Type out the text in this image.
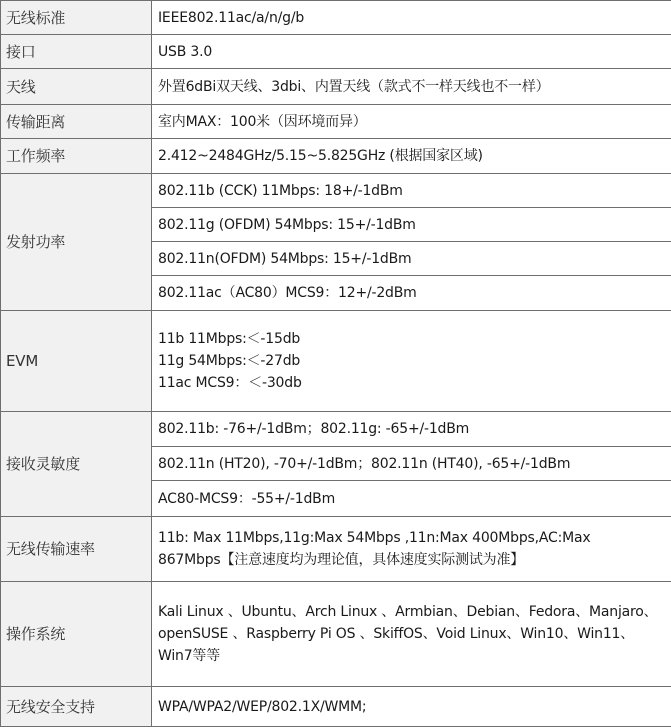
无线标准	IEEE802.11ac/a/n/g/b
接口	USB 3.0
天线	外置6dBi双天线、3dbi、内置天线（款式不一样天线也不一样）
传输距离	室内MAX：100米（因环境而异）
工作频率	2.412~2484GHz/5.15~5.825GHz (根据国家区域)
发射功率	802.11b (CCK) 11Mbps: 18+/-1dBm
	802.11g (OFDM) 54Mbps: 15+/-1dBm
	802.11n(OFDM) 54Mbps: 15+/-1dBm
	802.11ac（AC80）MCS9：12+/-2dBm
EVM	11b 11Mbps:＜-15db
11g 54Mbps:＜-27db
11ac MCS9：＜-30db

接收灵敏度	802.11b: -76+/-1dBm；802.11g: -65+/-1dBm
	802.11n (HT20), -70+/-1dBm；802.11n (HT40), -65+/-1dBm
	AC80-MCS9：-55+/-1dBm
无线传输速率	11b: Max 11Mbps,11g:Max 54Mbps ,11n:Max 400Mbps,AC:Max
867Mbps【注意速度均为理论值，具体速度实际测试为准】

操作系统	Kali Linux 、Ubuntu、Arch Linux 、Armbian、Debian、Fedora、Manjaro、openSUSE 、Raspberry Pi OS 、SkiffOS、Void Linux、Win10、Win11、Win7等等

无线安全支持	WPA/WPA2/WEP/802.1X/WMM;
